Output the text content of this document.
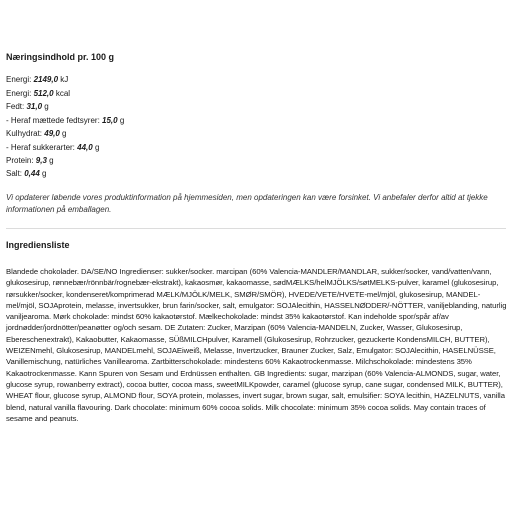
Næringsindhold pr. 100 g
Energi: 2149,0 kJ
Energi: 512,0 kcal
Fedt: 31,0 g
- Heraf mættede fedtsyrer: 15,0 g
Kulhydrat: 49,0 g
- Heraf sukkerarter: 44,0 g
Protein: 9,3 g
Salt: 0,44 g

Vi opdaterer løbende vores produktinformation på hjemmesiden, men opdateringen kan være forsinket. Vi anbefaler derfor altid at tjekke informationen på emballagen.

Ingrediensliste

Blandede chokolader. DA/SE/NO Ingredienser: sukker/socker. marcipan (60% Valencia-MANDLER/MANDLAR, sukker/socker, vand/vatten/vann, glukosesirup, rønnebær/rönnbär/rognebær-ekstrakt), kakaosmør, kakaomasse, sødMÆLKS/helMJÖLKS/søtMELKS-pulver, karamel (glukosesirup, rørsukker/socker, kondenseret/komprimerad MÆLK/MJÖLK/MELK, SMØR/SMÖR), HVEDE/VETE/HVETE-mel/mjöl, glukosesirup, MANDEL-mel/mjöl, SOJAprotein, melasse, invertsukker, brun farin/socker, salt, emulgator: SOJAlecithin, HASSELNØDDER/-NÖTTER, vaniljeblanding, naturlig vaniljearoma. Mørk chokolade: mindst 60% kakaotørstof. Mælkechokolade: mindst 35% kakaotørstof. Kan indeholde spor/spår af/av jordnødder/jordnötter/peanøtter og/och sesam. DE Zutaten: Zucker, Marzipan (60% Valencia-MANDELN, Zucker, Wasser, Glukosesirup, Ebereschenextrakt), Kakaobutter, Kakaomasse, SÜßMILCHpulver, Karamell (Glukosesirup, Rohrzucker, gezuckerte KondensMILCH, BUTTER), WEIZENmehl, Glukosesirup, MANDELmehl, SOJAEiweiß, Melasse, Invertzucker, Brauner Zucker, Salz, Emulgator: SOJAlecithin, HASELNÜSSE, Vanillemischung, natürliches Vanillearoma. Zartbitterschokolade: mindestens 60% Kakaotrockenmasse. Milchschokolade: mindestens 35% Kakaotrockenmasse. Kann Spuren von Sesam und Erdnüssen enthalten. GB Ingredients: sugar, marzipan (60% Valencia-ALMONDS, sugar, water, glucose syrup, rowanberry extract), cocoa butter, cocoa mass, sweetMILKpowder, caramel (glucose syrup, cane sugar, condensed MILK, BUTTER), WHEAT flour, glucose syrup, ALMOND flour, SOYA protein, molasses, invert sugar, brown sugar, salt, emulsifier: SOYA lecithin, HAZELNUTS, vanilla blend, natural vanilla flavouring. Dark chocolate: minimum 60% cocoa solids. Milk chocolate: minimum 35% cocoa solids. May contain traces of sesame and peanuts.
